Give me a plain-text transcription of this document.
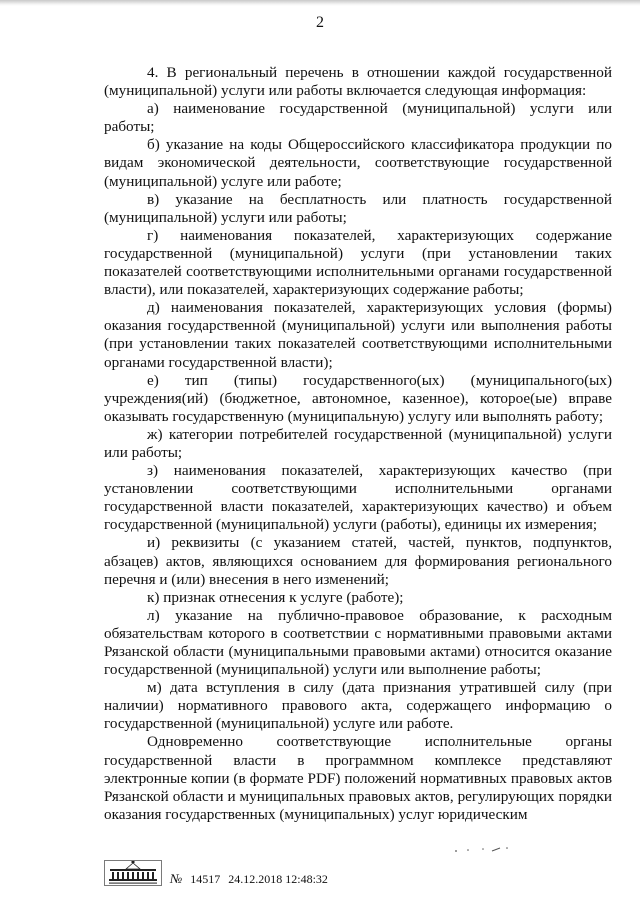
2

4. В региональный перечень в отношении каждой государственной (муниципальной) услуги или работы включается следующая информация:

а) наименование государственной (муниципальной) услуги или работы;

б) указание на коды Общероссийского классификатора продукции по видам экономической деятельности, соответствующие государственной (муниципальной) услуге или работе;

в) указание на бесплатность или платность государственной (муниципальной) услуги или работы;

г) наименования показателей, характеризующих содержание государственной (муниципальной) услуги (при установлении таких показателей соответствующими исполнительными органами государственной власти), или показателей, характеризующих содержание работы;

д) наименования показателей, характеризующих условия (формы) оказания государственной (муниципальной) услуги или выполнения работы (при установлении таких показателей соответствующими исполнительными органами государственной власти);

е) тип (типы) государственного(ых) (муниципального(ых) учреждения(ий) (бюджетное, автономное, казенное), которое(ые) вправе оказывать государственную (муниципальную) услугу или выполнять работу;

ж) категории потребителей государственной (муниципальной) услуги или работы;

з) наименования показателей, характеризующих качество (при установлении соответствующими исполнительными органами государственной власти показателей, характеризующих качество) и объем государственной (муниципальной) услуги (работы), единицы их измерения;

и) реквизиты (с указанием статей, частей, пунктов, подпунктов, абзацев) актов, являющихся основанием для формирования регионального перечня и (или) внесения в него изменений;

к) признак отнесения к услуге (работе);

л) указание на публично-правовое образование, к расходным обязательствам которого в соответствии с нормативными правовыми актами Рязанской области (муниципальными правовыми актами) относится оказание государственной (муниципальной) услуги или выполнение работы;

м) дата вступления в силу (дата признания утратившей силу (при наличии) нормативного правового акта, содержащего информацию о государственной (муниципальной) услуге или работе.

Одновременно соответствующие исполнительные органы государственной власти в программном комплексе представляют электронные копии (в формате PDF) положений нормативных правовых актов Рязанской области и муниципальных правовых актов, регулирующих порядки оказания государственных (муниципальных) услуг юридическим

№ 14517 24.12.2018 12:48:32
